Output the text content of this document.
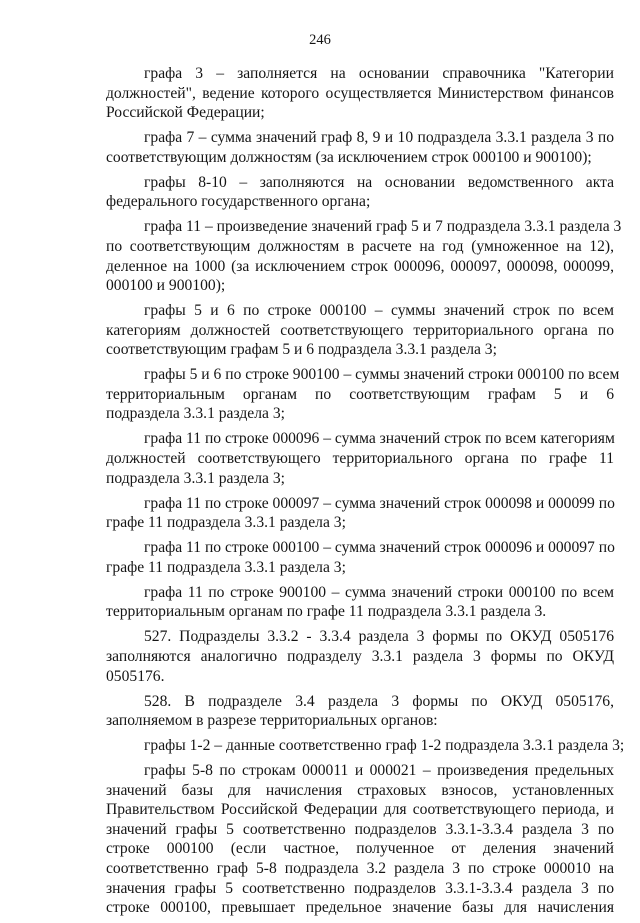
246
графа 3 – заполняется на основании справочника "Категории
должностей", ведение которого осуществляется Министерством финансов
Российской Федерации;
графа 7 – сумма значений граф 8, 9 и 10 подраздела 3.3.1 раздела 3 по
соответствующим должностям (за исключением строк 000100 и 900100);
графы 8-10 – заполняются на основании ведомственного акта
федерального государственного органа;
графа 11 – произведение значений граф 5 и 7 подраздела 3.3.1 раздела 3
по соответствующим должностям в расчете на год (умноженное на 12),
деленное на 1000 (за исключением строк 000096, 000097, 000098, 000099,
000100 и 900100);
графы 5 и 6 по строке 000100 – суммы значений строк по всем
категориям должностей соответствующего территориального органа по
соответствующим графам 5 и 6 подраздела 3.3.1 раздела 3;
графы 5 и 6 по строке 900100 – суммы значений строки 000100 по всем
территориальным органам по соответствующим графам 5 и 6
подраздела 3.3.1 раздела 3;
графа 11 по строке 000096 – сумма значений строк по всем категориям
должностей соответствующего территориального органа по графе 11
подраздела 3.3.1 раздела 3;
графа 11 по строке 000097 – сумма значений строк 000098 и 000099 по
графе 11 подраздела 3.3.1 раздела 3;
графа 11 по строке 000100 – сумма значений строк 000096 и 000097 по
графе 11 подраздела 3.3.1 раздела 3;
графа 11 по строке 900100 – сумма значений строки 000100 по всем
территориальным органам по графе 11 подраздела 3.3.1 раздела 3.
527. Подразделы 3.3.2 - 3.3.4 раздела 3 формы по ОКУД 0505176
заполняются аналогично подразделу 3.3.1 раздела 3 формы по ОКУД
0505176.
528. В подразделе 3.4 раздела 3 формы по ОКУД 0505176,
заполняемом в разрезе территориальных органов:
графы 1-2 – данные соответственно граф 1-2 подраздела 3.3.1 раздела 3;
графы 5-8 по строкам 000011 и 000021 – произведения предельных
значений базы для начисления страховых взносов, установленных
Правительством Российской Федерации для соответствующего периода, и
значений графы 5 соответственно подразделов 3.3.1-3.3.4 раздела 3 по
строке 000100 (если частное, полученное от деления значений
соответственно граф 5-8 подраздела 3.2 раздела 3 по строке 000010 на
значения графы 5 соответственно подразделов 3.3.1-3.3.4 раздела 3 по
строке 000100, превышает предельное значение базы для начисления
